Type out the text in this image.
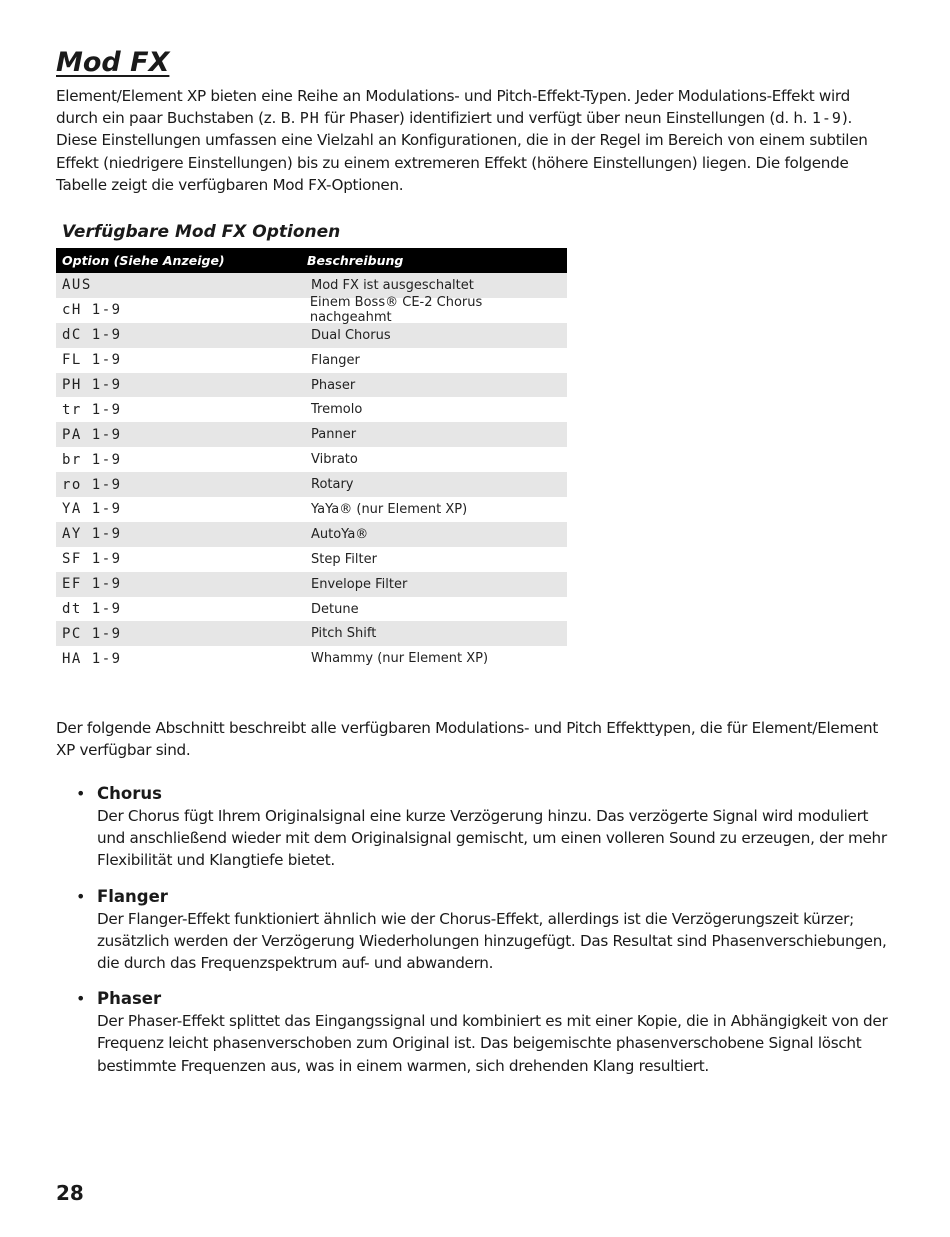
Mod FX

Element/Element XP bieten eine Reihe an Modulations- und Pitch-Effekt-Typen. Jeder Modulations-Effekt wird durch ein paar Buchstaben (z. B. PH für Phaser) identifiziert und verfügt über neun Einstellungen (d. h. 1-9). Diese Einstellungen umfassen eine Vielzahl an Konfigurationen, die in der Regel im Bereich von einem subtilen Effekt (niedrigere Einstellungen) bis zu einem extremeren Effekt (höhere Einstellungen) liegen. Die folgende Tabelle zeigt die verfügbaren Mod FX-Optionen.

Verfügbare Mod FX Optionen
Option (Siehe Anzeige)	Beschreibung
AUS	Mod FX ist ausgeschaltet
cH 1-9	Einem Boss® CE-2 Chorus nachgeahmt
dC 1-9	Dual Chorus
FL 1-9	Flanger
PH 1-9	Phaser
tr 1-9	Tremolo
PA 1-9	Panner
br 1-9	Vibrato
ro 1-9	Rotary
YA 1-9	YaYa® (nur Element XP)
AY 1-9	AutoYa®
SF 1-9	Step Filter
EF 1-9	Envelope Filter
dt 1-9	Detune
PC 1-9	Pitch Shift
HA 1-9	Whammy (nur Element XP)

Der folgende Abschnitt beschreibt alle verfügbaren Modulations- und Pitch Effekttypen, die für Element/Element XP verfügbar sind.

• Chorus
Der Chorus fügt Ihrem Originalsignal eine kurze Verzögerung hinzu. Das verzögerte Signal wird moduliert und anschließend wieder mit dem Originalsignal gemischt, um einen volleren Sound zu erzeugen, der mehr Flexibilität und Klangtiefe bietet.
• Flanger
Der Flanger-Effekt funktioniert ähnlich wie der Chorus-Effekt, allerdings ist die Verzögerungszeit kürzer; zusätzlich werden der Verzögerung Wiederholungen hinzugefügt. Das Resultat sind Phasenverschiebungen, die durch das Frequenzspektrum auf- und abwandern.
• Phaser
Der Phaser-Effekt splittet das Eingangssignal und kombiniert es mit einer Kopie, die in Abhängigkeit von der Frequenz leicht phasenverschoben zum Original ist. Das beigemischte phasenverschobene Signal löscht bestimmte Frequenzen aus, was in einem warmen, sich drehenden Klang resultiert.
28
